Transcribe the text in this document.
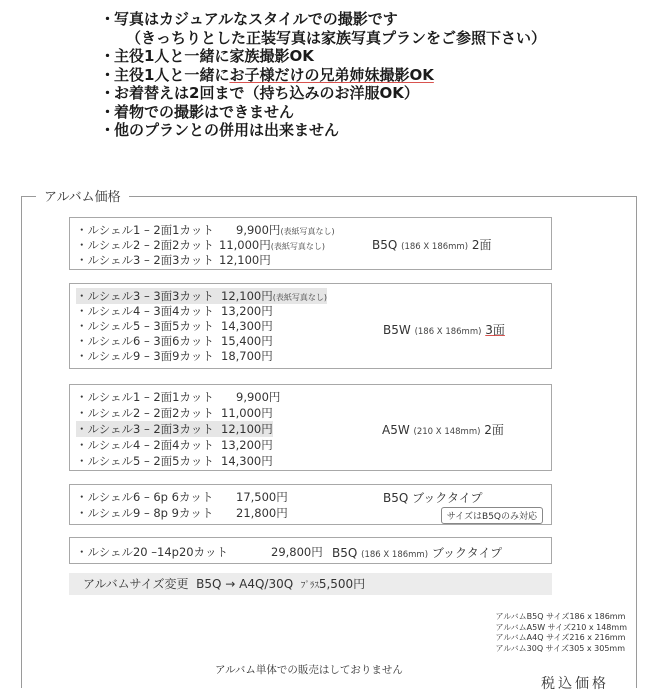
・写真はカジュアルなスタイルでの撮影です
（きっちりとした正装写真は家族写真プランをご参照下さい）
・主役1人と一緒に家族撮影OK
・主役1人と一緒にお子様だけの兄弟姉妹撮影OK
・お着替えは2回まで（持ち込みのお洋服OK）
・着物での撮影はできません
・他のプランとの併用は出来ません
アルバム価格
・ルシェル1 – 2面1カット 9,900円(表紙写真なし)
・ルシェル2 – 2面2カット 11,000円(表紙写真なし)
・ルシェル3 – 2面3カット 12,100円
B5Q (186 X 186mm) 2面
・ルシェル3 – 3面3カット 12,100円(表紙写真なし)
・ルシェル4 – 3面4カット 13,200円
・ルシェル5 – 3面5カット 14,300円
・ルシェル6 – 3面6カット 15,400円
・ルシェル9 – 3面9カット 18,700円
B5W (186 X 186mm) 3面
・ルシェル1 – 2面1カット 9,900円
・ルシェル2 – 2面2カット 11,000円
・ルシェル3 – 2面3カット 12,100円
・ルシェル4 – 2面4カット 13,200円
・ルシェル5 – 2面5カット 14,300円
A5W (210 X 148mm) 2面
・ルシェル6 – 6p 6カット 17,500円
・ルシェル9 – 8p 9カット 21,800円
B5Q ブックタイプ
サイズはB5Qのみ対応
・ルシェル20 –14p20カット	29,800円 B5Q (186 X 186mm) ブックタイプ
アルバムサイズ変更 B5Q → A4Q/30Q ﾌﾟﾗｽ5,500円
アルバムB5Q サイズ186 x 186mm
アルバムA5W サイズ210 x 148mm
アルバムA4Q サイズ216 x 216mm
アルバム30Q サイズ305 x 305mm
アルバム単体での販売はしておりません
税込価格
